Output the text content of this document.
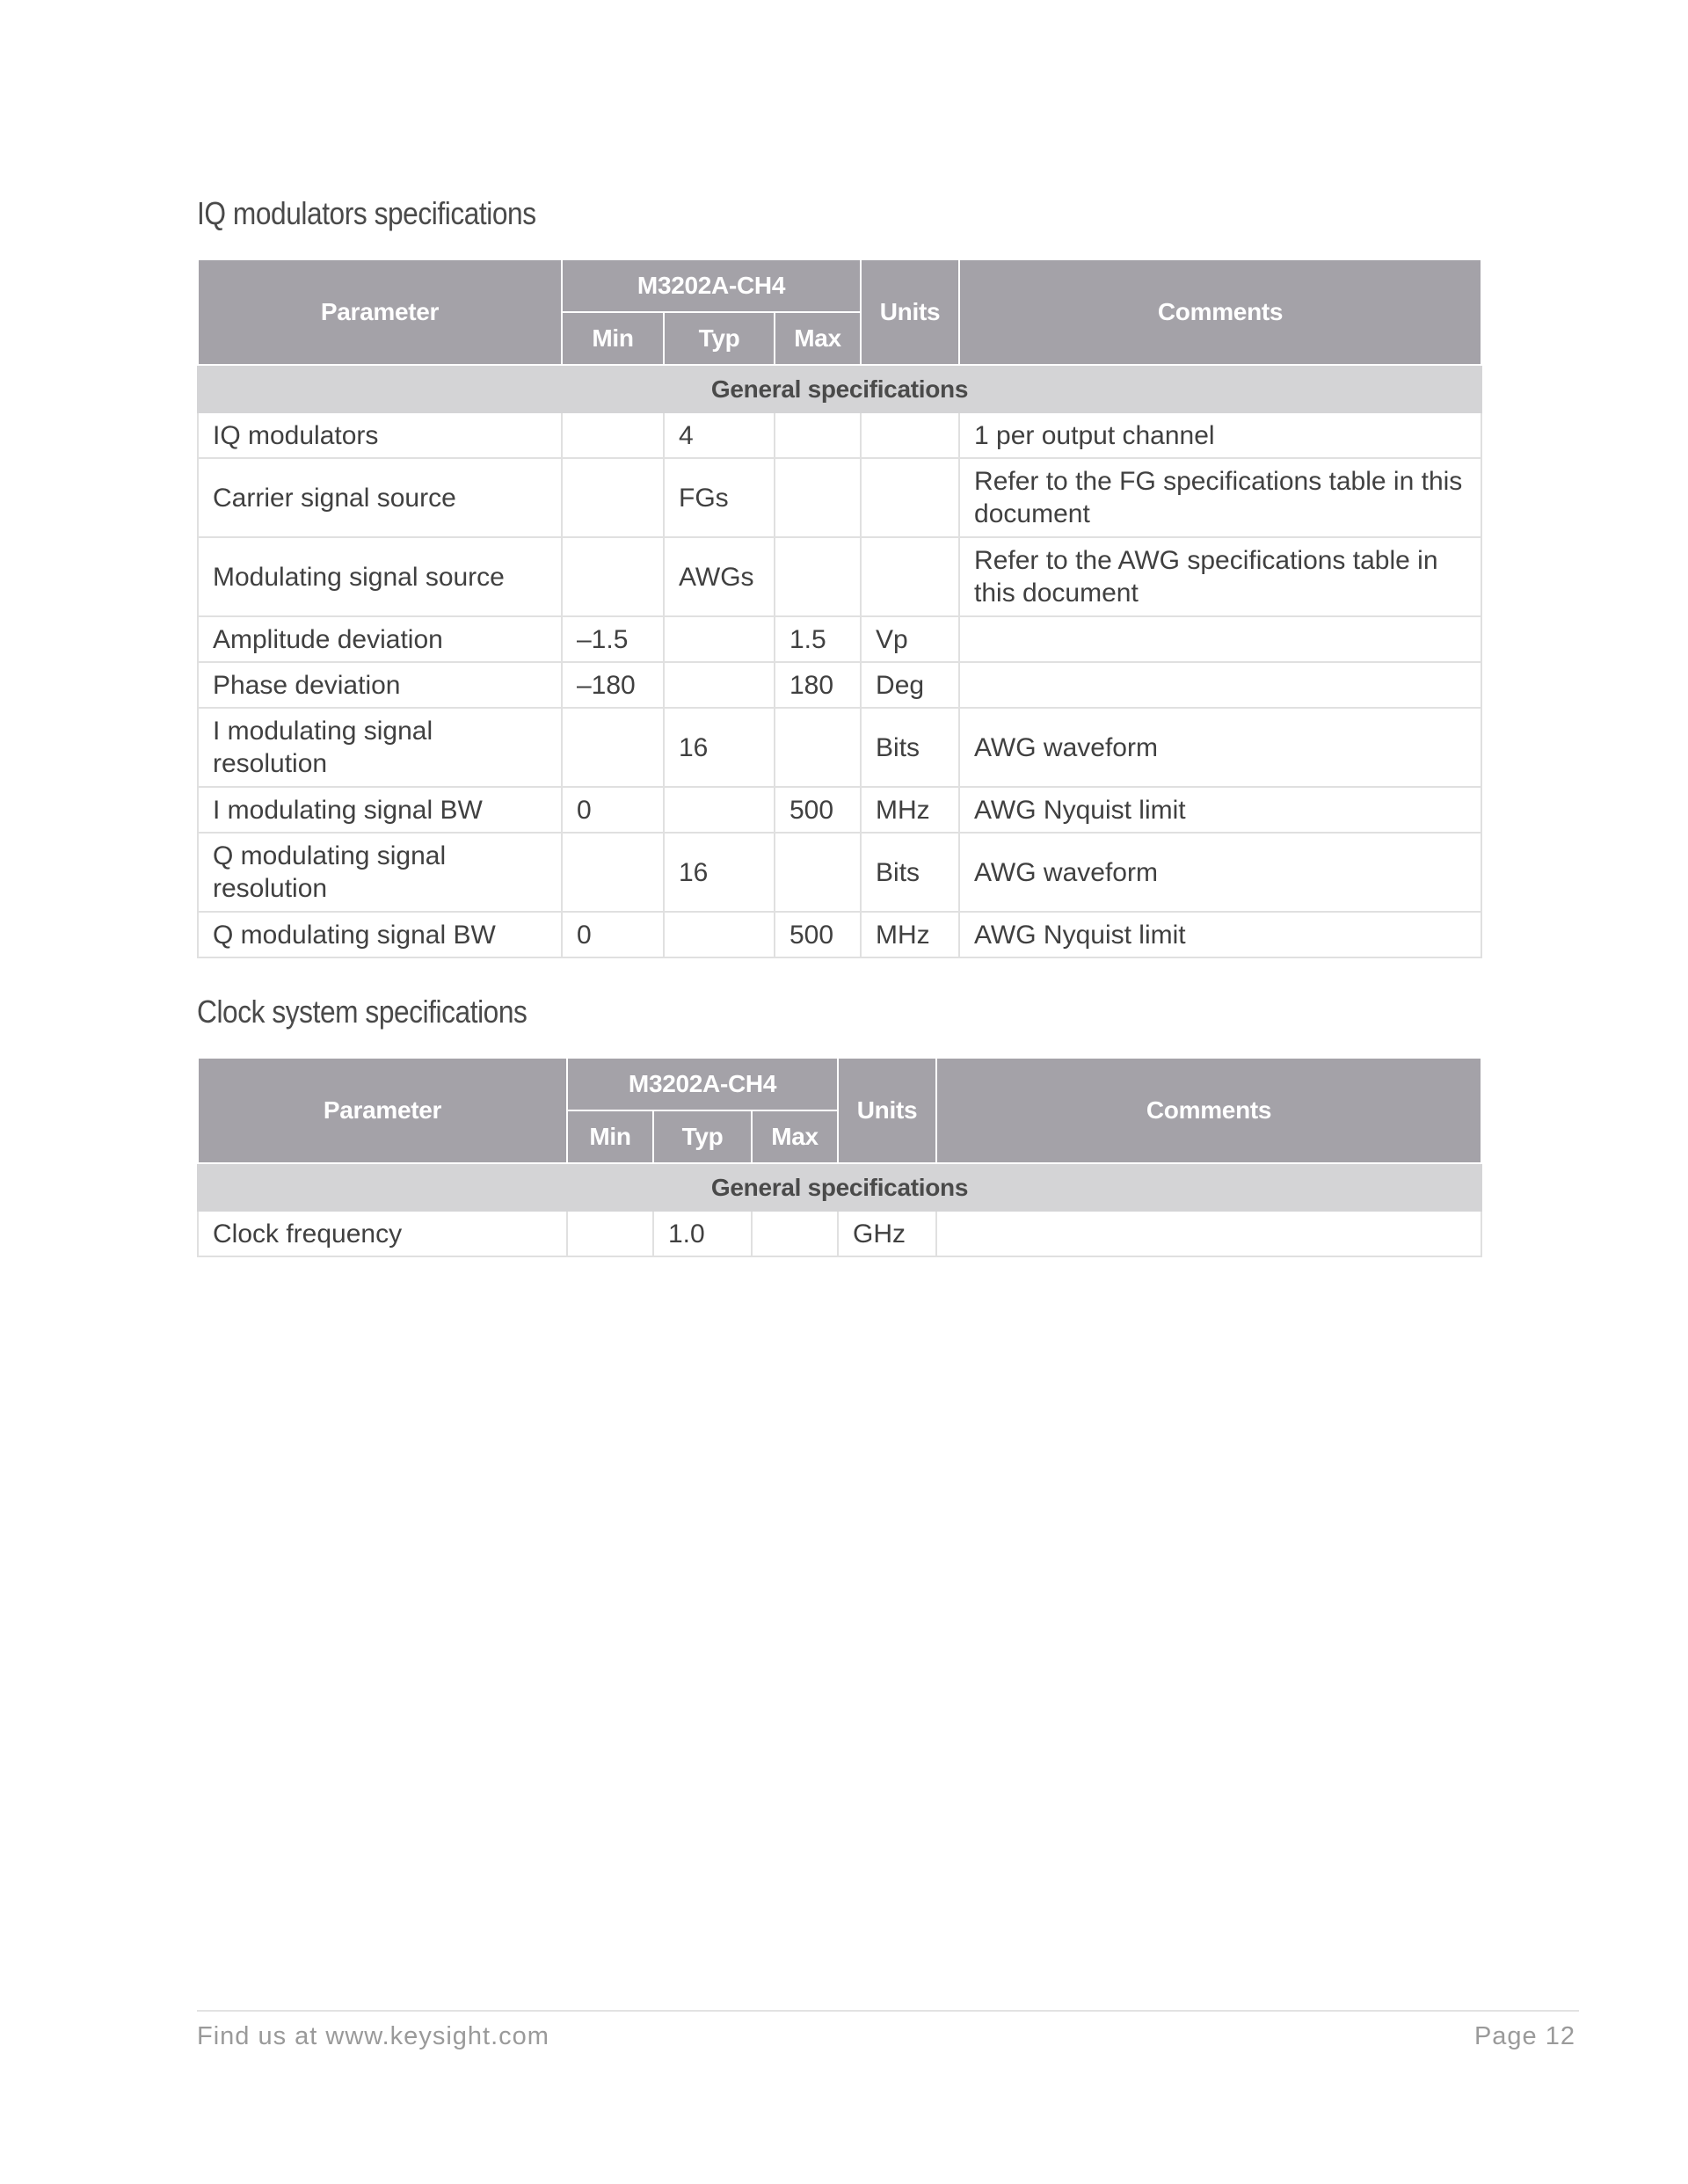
IQ modulators specifications
Parameter	M3202A-CH4			Units	Comments
	Min	Typ	Max		
General specifications					
IQ modulators		4			1 per output channel
Carrier signal source		FGs			Refer to the FG specifications table in this document
Modulating signal source		AWGs			Refer to the AWG specifications table in this document
Amplitude deviation	–1.5		1.5	Vp	
Phase deviation	–180		180	Deg	
I modulating signal resolution		16		Bits	AWG waveform
I modulating signal BW	0		500	MHz	AWG Nyquist limit
Q modulating signal resolution		16		Bits	AWG waveform
Q modulating signal BW	0		500	MHz	AWG Nyquist limit
Clock system specifications
Parameter	M3202A-CH4			Units	Comments
	Min	Typ	Max		
General specifications					
Clock frequency		1.0		GHz	
Find us at www.keysight.com	Page 12
